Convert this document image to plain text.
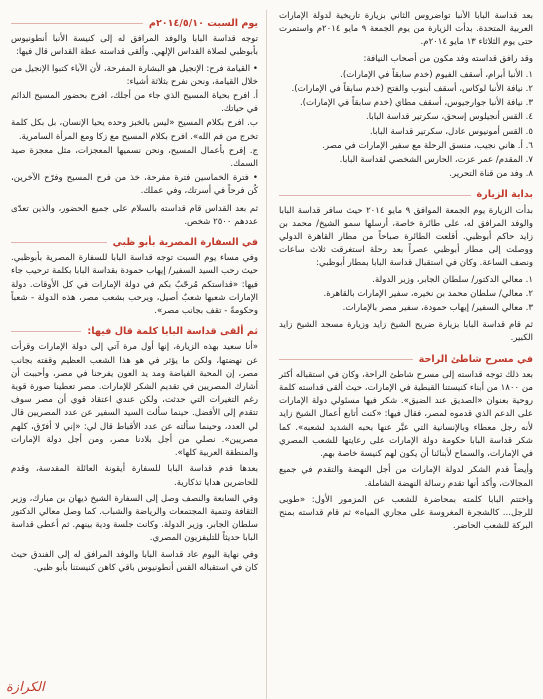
بعد قداسة البابا الأنبا تواضروس الثاني بزيارة تاريخية لدولة الإمارات العربية المتحدة. بدأت الزيارة من يوم الجمعة ٩ مايو ٢٠١٤م واستمرت حتى يوم الثلاثاء ١٣ مايو ٢٠١٤م.

وقد رافق قداسته وفد مكون من أصحاب النيافة:

١. الأنبا أبرام، أسقف الفيوم (خدم سابقاً في الإمارات).
٢. نيافة الأنبا لوكاس، أسقف أبنوب والفتح (خدم سابقاً في الإمارات).
٣. نيافة الأنبا جوارجيوس، أسقف مطاي (خدم سابقاً في الإمارات).
٤. القس أنجيلوس إسحق، سكرتير قداسة البابا.
٥. القس أمونيوس عادل، سكرتير قداسة البابا.
٦. أ. هاني نجيب، منسق الرحلة مع سفير الإمارات في مصر.
٧. المقدم/ عمر عزت، الحارس الشخصي لقداسة البابا.
٨. وفد من قناة التحرير.
بداية الزيارة

بدأت الزيارة يوم الجمعة الموافق ٩ مايو ٢٠١٤ حيث سافر قداسة البابا والوفد المرافق له، على طائرة خاصة، أرسلها سمو الشيخ/ محمد بن زايد حاكم أبوظبي. أقلعت الطائرة صباحاً من مطار القاهرة الدولي ووصلت إلى مطار أبوظبي عصراً بعد رحلة استغرقت ثلاث ساعات ونصف الساعة. وكان في استقبال قداسة البابا بمطار أبوظبي:

١. معالي الدكتور/ سلطان الجابر، وزير الدولة.
٢. معالي/ سلطان محمد بن نخيره، سفير الإمارات بالقاهرة.
٣. معالي السفير/ إيهاب حمودة، سفير مصر بالإمارات.

ثم قام قداسة البابا بزيارة ضريح الشيخ زايد وزيارة مسجد الشيخ زايد الكبير.

في مسرح شاطئ الراحة

بعد ذلك توجه قداسته إلى مسرح شاطئ الراحة، وكان في استقباله أكثر من ١٨٠٠ من أبناء كنيستنا القبطية في الإمارات، حيث ألقى قداسته كلمة روحية بعنوان «الصديق عند الضيق». شكر فيها مسئولي دولة الإمارات على الدعم الذي قدموه لمصر، فقال فيها: «كنت أتابع أعمال الشيخ زايد لأنه رجل معطاء وبالإنسانية التي عبَّر عنها بحبه الشديد لشعبه». كما شكر قداسة البابا حكومة دولة الإمارات على رعايتها للشعب المصري في الإمارات، والسماح لأبنائنا أن يكون لهم كنيسة خاصة بهم.

وأيضاً قدم الشكر لدولة الإمارات من أجل النهضة والتقدم في جميع المجالات، وأكد أنها تقدم رسالة النهضة الشاملة.

واختتم البابا كلمته بمحاضرة للشعب عن المزمور الأول: «طوبى للرجل... كالشجرة المغروسة على مجاري المياه» ثم قام قداسته بمنح البركة للشعب الحاضر.

يوم السبت ٢٠١٤/٥/١٠م

توجه قداسة البابا والوفد المرافق له إلى كنيسة الأنبا أنطونيوس بأبوظبي لصلاة القداس الإلهي. وألقى قداسته عظة القداس قال فيها:

• القيامة فرح: الإنجيل هو البشارة المفرحة، لأن الآباء كتبوا الإنجيل من خلال القيامة، ونحن نفرح بثلاثة أشياء:
أ. افرح بحياة المسيح الذي جاء من أجلك، افرح بحضور المسيح الدائم في حياتك.
ب. افرح بكلام المسيح «ليس بالخبز وحده يحيا الإنسان، بل بكل كلمة تخرج من فم الله». افرح بكلام المسيح مع زكا ومع المرأة السامرية.
ج. إفرح بأعمال المسيح، ونحن نسميها المعجزات، مثل معجزة صيد السمك.
• فترة الخماسين فترة مفرحة، خذ من فرح المسيح وفرّح الآخرين، كُن فرحاً في أسرتك، وفي عملك.

ثم بعد القداس قام قداسته بالسلام على جميع الحضور، والذين تعدّى عددهم ٢٥٠٠ شخص.

في السفارة المصرية بأبو ظبي

وفي مساء يوم السبت توجه قداسة البابا للسفارة المصرية بأبوظبي. حيث رحب السيد السفير/ إيهاب حمودة بقداسة البابا بكلمة ترحيب جاء فيها: «قداستكم مُرحّبٌ بكم في دولة الإمارات في كل الأوقات. دولة الإمارات شعبها شعبٌ أصيل، ويرحب بشعب مصر، هذه الدولة - شعباً وحكومةً - تقف بجانب مصر».

ثم ألقى قداسة البابا كلمة قال فيها:

«أنا سعيد بهذه الزيارة، إنها أول مرة آتي إلى دولة الإمارات وقرأت عن نهضتها، ولكن ما يؤثر في هو هذا الشعب العظيم وقفته بجانب مصر، إن المحبة الفياضة ومد يد العون يفرحنا في مصر، وأحببت أن أشارك المصريين في تقديم الشكر للإمارات. مصر تعطينا صورة قوية رغم التغيرات التي حدثت، ولكن عندي اعتقاد قوي أن مصر سوف تتقدم إلى الأفضل. حينما سألت السيد السفير عن عدد المصريين قال لي العدد، وحينما سألته عن عدد الأقباط قال لي: «إني لا أفرّق، كلهم مصريين». نصلي من أجل بلادنا مصر، ومن أجل دولة الإمارات والمنطقة العربية كلها».

بعدها قدم قداسة البابا للسفارة أيقونة العائلة المقدسة، وقدم للحاضرين هدايا تذكارية.

وفي السابعة والنصف وصل إلى السفارة الشيخ ذيهان بن مبارك، وزير الثقافة وتنمية المجتمعات والرياضة والشباب. كما وصل معالي الدكتور سلطان الجابر، وزير الدولة. وكانت جلسة ودية بينهم. ثم أعطى قداسة البابا حديثاً للتليفزيون المصري.

وفي نهاية اليوم عاد قداسة البابا والوفد المرافق له إلى الفندق حيث كان في استقباله القس أنطونيوس باقي كاهن كنيستنا بأبو ظبي.

الكرازة
